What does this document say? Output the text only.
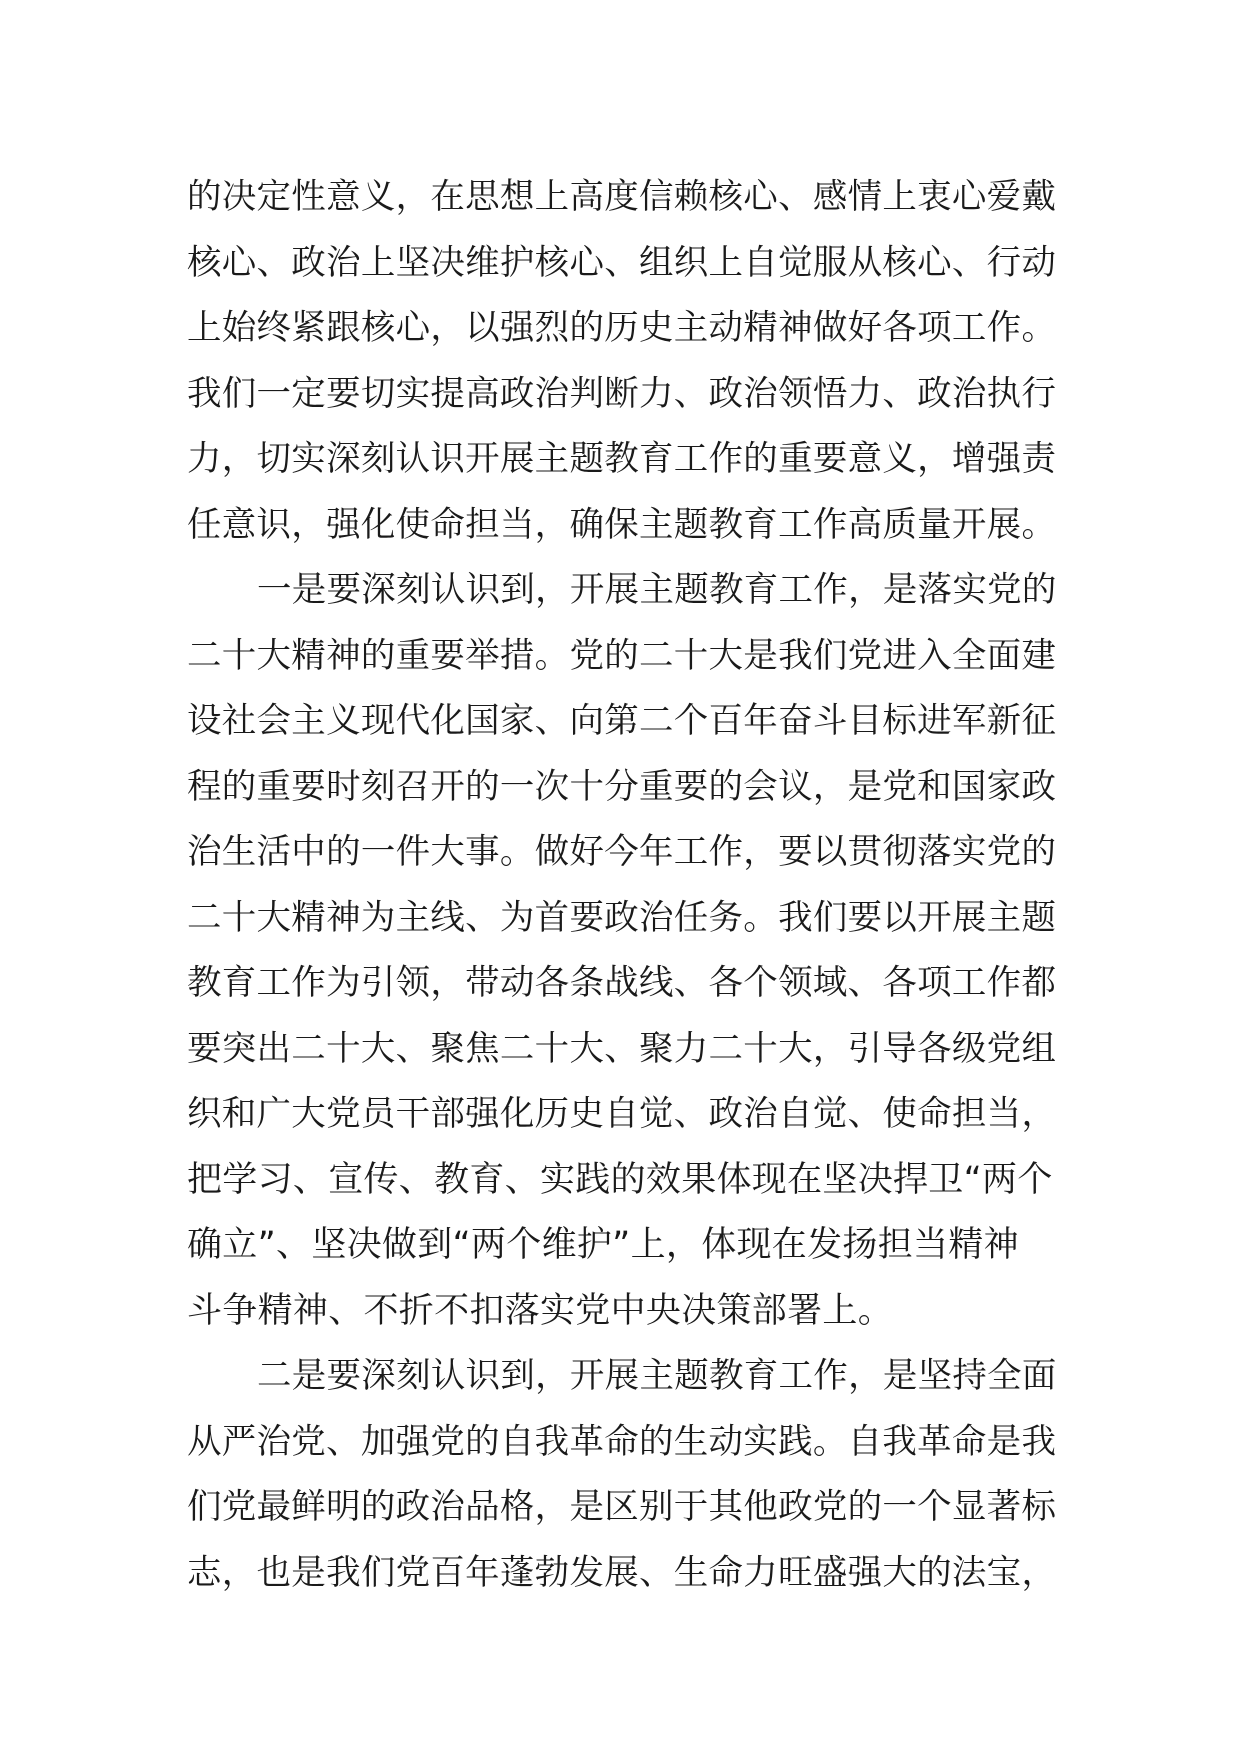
的决定性意义，在思想上高度信赖核心、感情上衷心爱戴
核心、政治上坚决维护核心、组织上自觉服从核心、行动
上始终紧跟核心，以强烈的历史主动精神做好各项工作。
我们一定要切实提高政治判断力、政治领悟力、政治执行
力，切实深刻认识开展主题教育工作的重要意义，增强责
任意识，强化使命担当，确保主题教育工作高质量开展。
一是要深刻认识到，开展主题教育工作，是落实党的
二十大精神的重要举措。党的二十大是我们党进入全面建
设社会主义现代化国家、向第二个百年奋斗目标进军新征
程的重要时刻召开的一次十分重要的会议，是党和国家政
治生活中的一件大事。做好今年工作，要以贯彻落实党的
二十大精神为主线、为首要政治任务。我们要以开展主题
教育工作为引领，带动各条战线、各个领域、各项工作都
要突出二十大、聚焦二十大、聚力二十大，引导各级党组
织和广大党员干部强化历史自觉、政治自觉、使命担当，
把学习、宣传、教育、实践的效果体现在坚决捍卫“两个
确立”、坚决做到“两个维护”上，体现在发扬担当精神
斗争精神、不折不扣落实党中央决策部署上。
二是要深刻认识到，开展主题教育工作，是坚持全面
从严治党、加强党的自我革命的生动实践。自我革命是我
们党最鲜明的政治品格，是区别于其他政党的一个显著标
志，也是我们党百年蓬勃发展、生命力旺盛强大的法宝，
